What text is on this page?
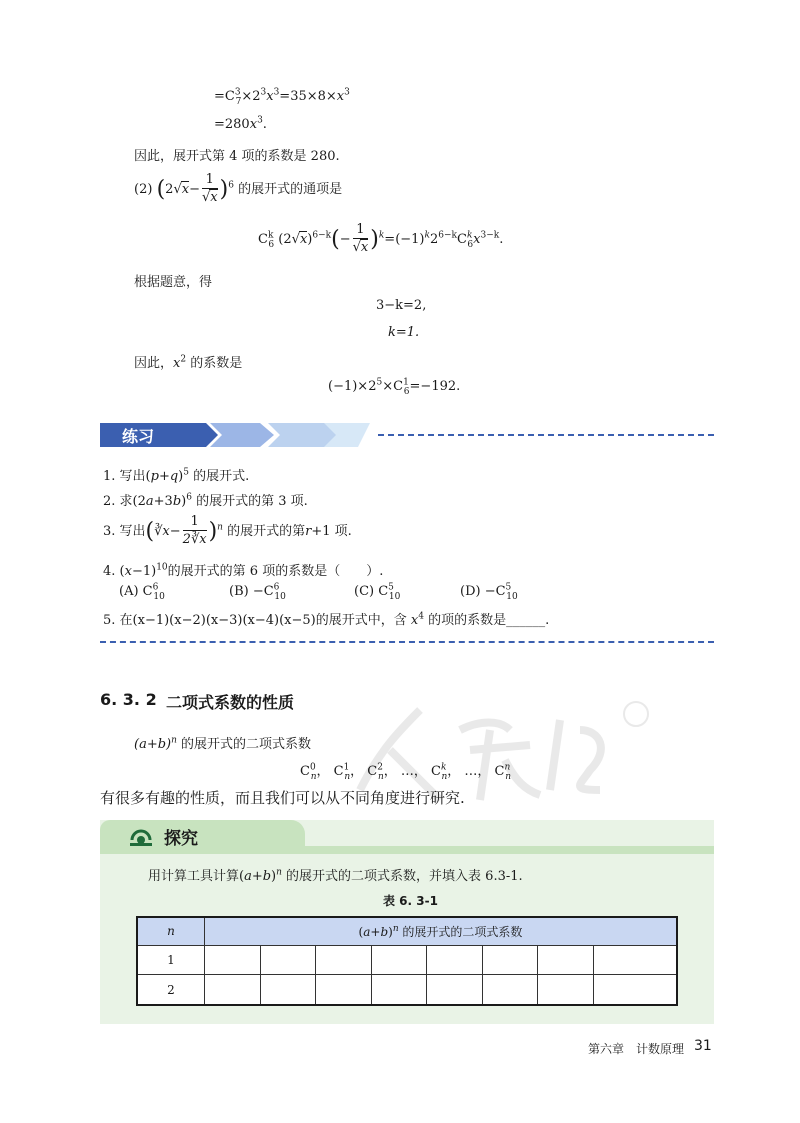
$=C^3_7\times 2^3x^3=35\times 8\times x^3$
$=280x^3$.
因此，展开式第 4 项的系数是 280.
(2) $(2√x- \frac{1}{√x} )^6$ 的展开式的通项是
$C^k_6$ $(2√x)^{6-k}(- \frac{1}{√x} )^k=(-1)^k2^{6-k}C^k_6x^{3-k}$.
根据题意，得
3−k=2,
k=1.
因此，$x^2$ 的系数是
$(-1)\times 2^5\times C^1_6=-192$.
练习
1. 写出$(p+q)^5$ 的展开式.
2. 求$(2a+3b)^6$ 的展开式的第 3 项.
3. 写出(∛x− $\frac{1}{2∛x} )^n$ 的展开式的第r+1 项.
4. $(x-1)^{10}$的展开式的第 6 项的系数是（　　）.
(A) $C^6_{10}$	$(B) -C^6_{10}$	(C) $C^5_{10}$	$(D) -C^5_{10}$
5. 在(x−1)(x−2)(x−3)(x−4)(x−5)的展开式中，含 $x^4$ 的项的系数是______.
6. 3. 2 二项式系数的性质
$(a+b)^n$ 的展开式的二项式系数
$C^0_n$， $C^1_n$， $C^2_n$， …， $C^k_n$， …， $C^n_n$
有很多有趣的性质，而且我们可以从不同角度进行研究.
探究
用计算工具计算$(a+b)^n$ 的展开式的二项式系数，并填入表 6.3-1.
表 6. 3-1
n	$(a+b)^n$ 的展开式的二项式系数							
1								
2								
第六章　计数原理 31
